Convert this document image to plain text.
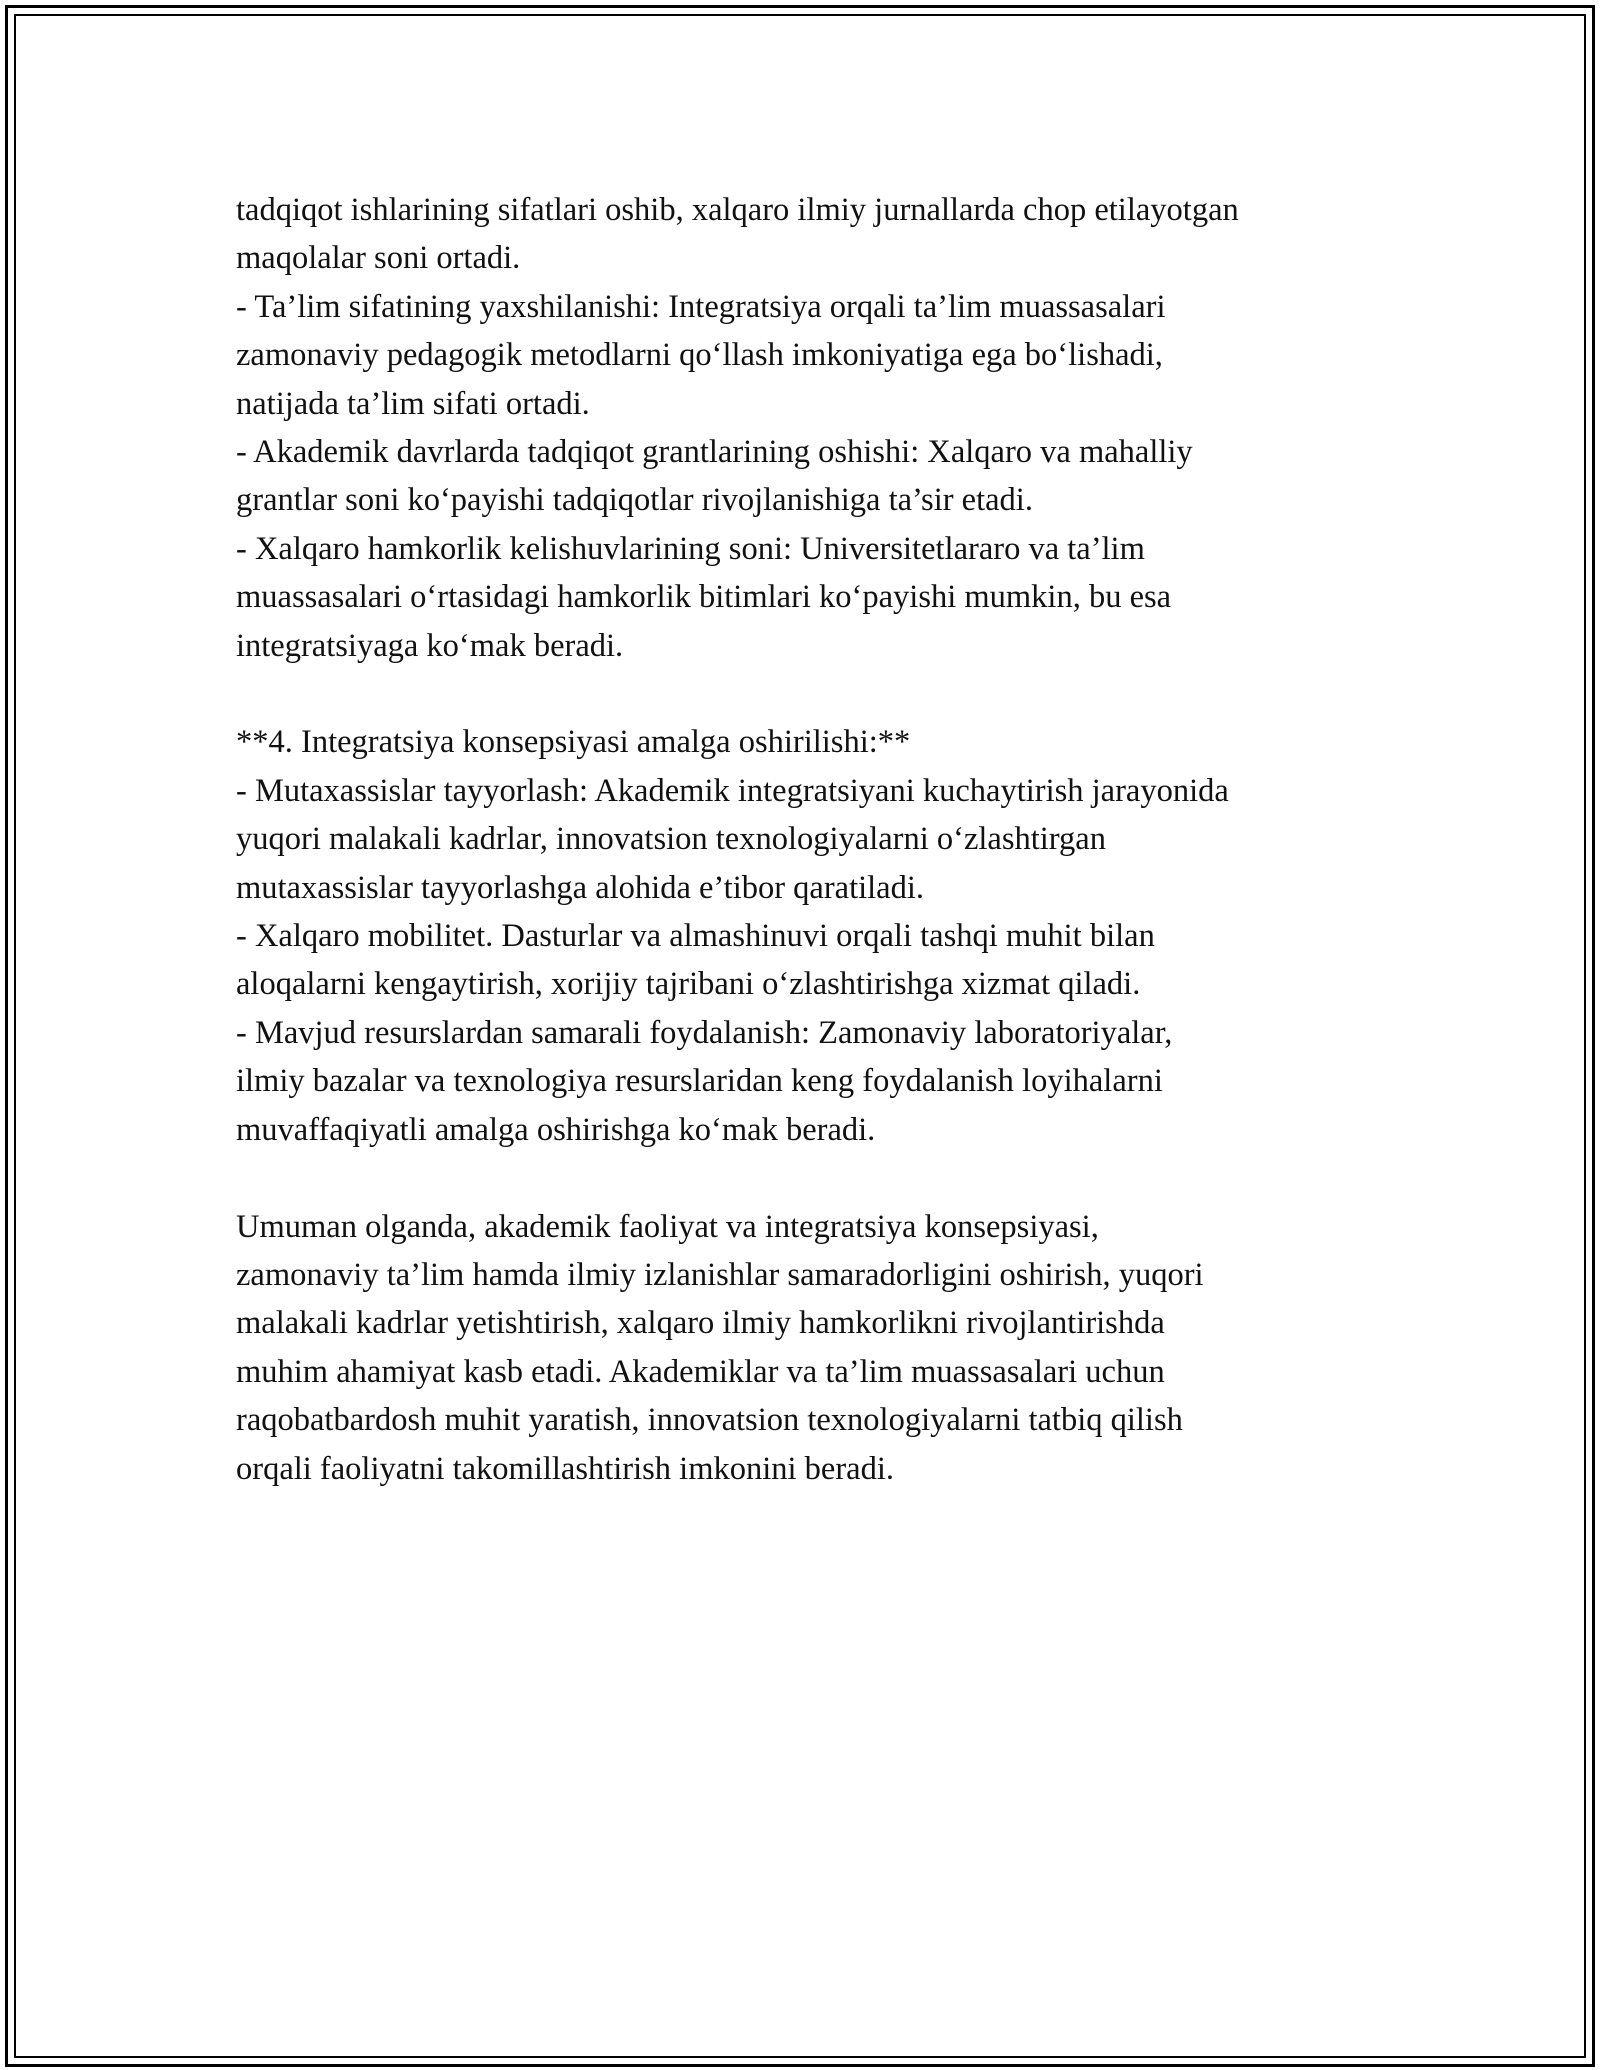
tadqiqot ishlarining sifatlari oshib, xalqaro ilmiy jurnallarda chop etilayotgan
maqolalar soni ortadi.
- Ta’lim sifatining yaxshilanishi: Integratsiya orqali ta’lim muassasalari
zamonaviy pedagogik metodlarni qo‘llash imkoniyatiga ega bo‘lishadi,
natijada ta’lim sifati ortadi.
- Akademik davrlarda tadqiqot grantlarining oshishi: Xalqaro va mahalliy
grantlar soni ko‘payishi tadqiqotlar rivojlanishiga ta’sir etadi.
- Xalqaro hamkorlik kelishuvlarining soni: Universitetlararo va ta’lim
muassasalari o‘rtasidagi hamkorlik bitimlari ko‘payishi mumkin, bu esa
integratsiyaga ko‘mak beradi.
**4. Integratsiya konsepsiyasi amalga oshirilishi:**
- Mutaxassislar tayyorlash: Akademik integratsiyani kuchaytirish jarayonida
yuqori malakali kadrlar, innovatsion texnologiyalarni o‘zlashtirgan
mutaxassislar tayyorlashga alohida e’tibor qaratiladi.
- Xalqaro mobilitet. Dasturlar va almashinuvi orqali tashqi muhit bilan
aloqalarni kengaytirish, xorijiy tajribani o‘zlashtirishga xizmat qiladi.
- Mavjud resurslardan samarali foydalanish: Zamonaviy laboratoriyalar,
ilmiy bazalar va texnologiya resurslaridan keng foydalanish loyihalarni
muvaffaqiyatli amalga oshirishga ko‘mak beradi.
Umuman olganda, akademik faoliyat va integratsiya konsepsiyasi,
zamonaviy ta’lim hamda ilmiy izlanishlar samaradorligini oshirish, yuqori
malakali kadrlar yetishtirish, xalqaro ilmiy hamkorlikni rivojlantirishda
muhim ahamiyat kasb etadi. Akademiklar va ta’lim muassasalari uchun
raqobatbardosh muhit yaratish, innovatsion texnologiyalarni tatbiq qilish
orqali faoliyatni takomillashtirish imkonini beradi.
